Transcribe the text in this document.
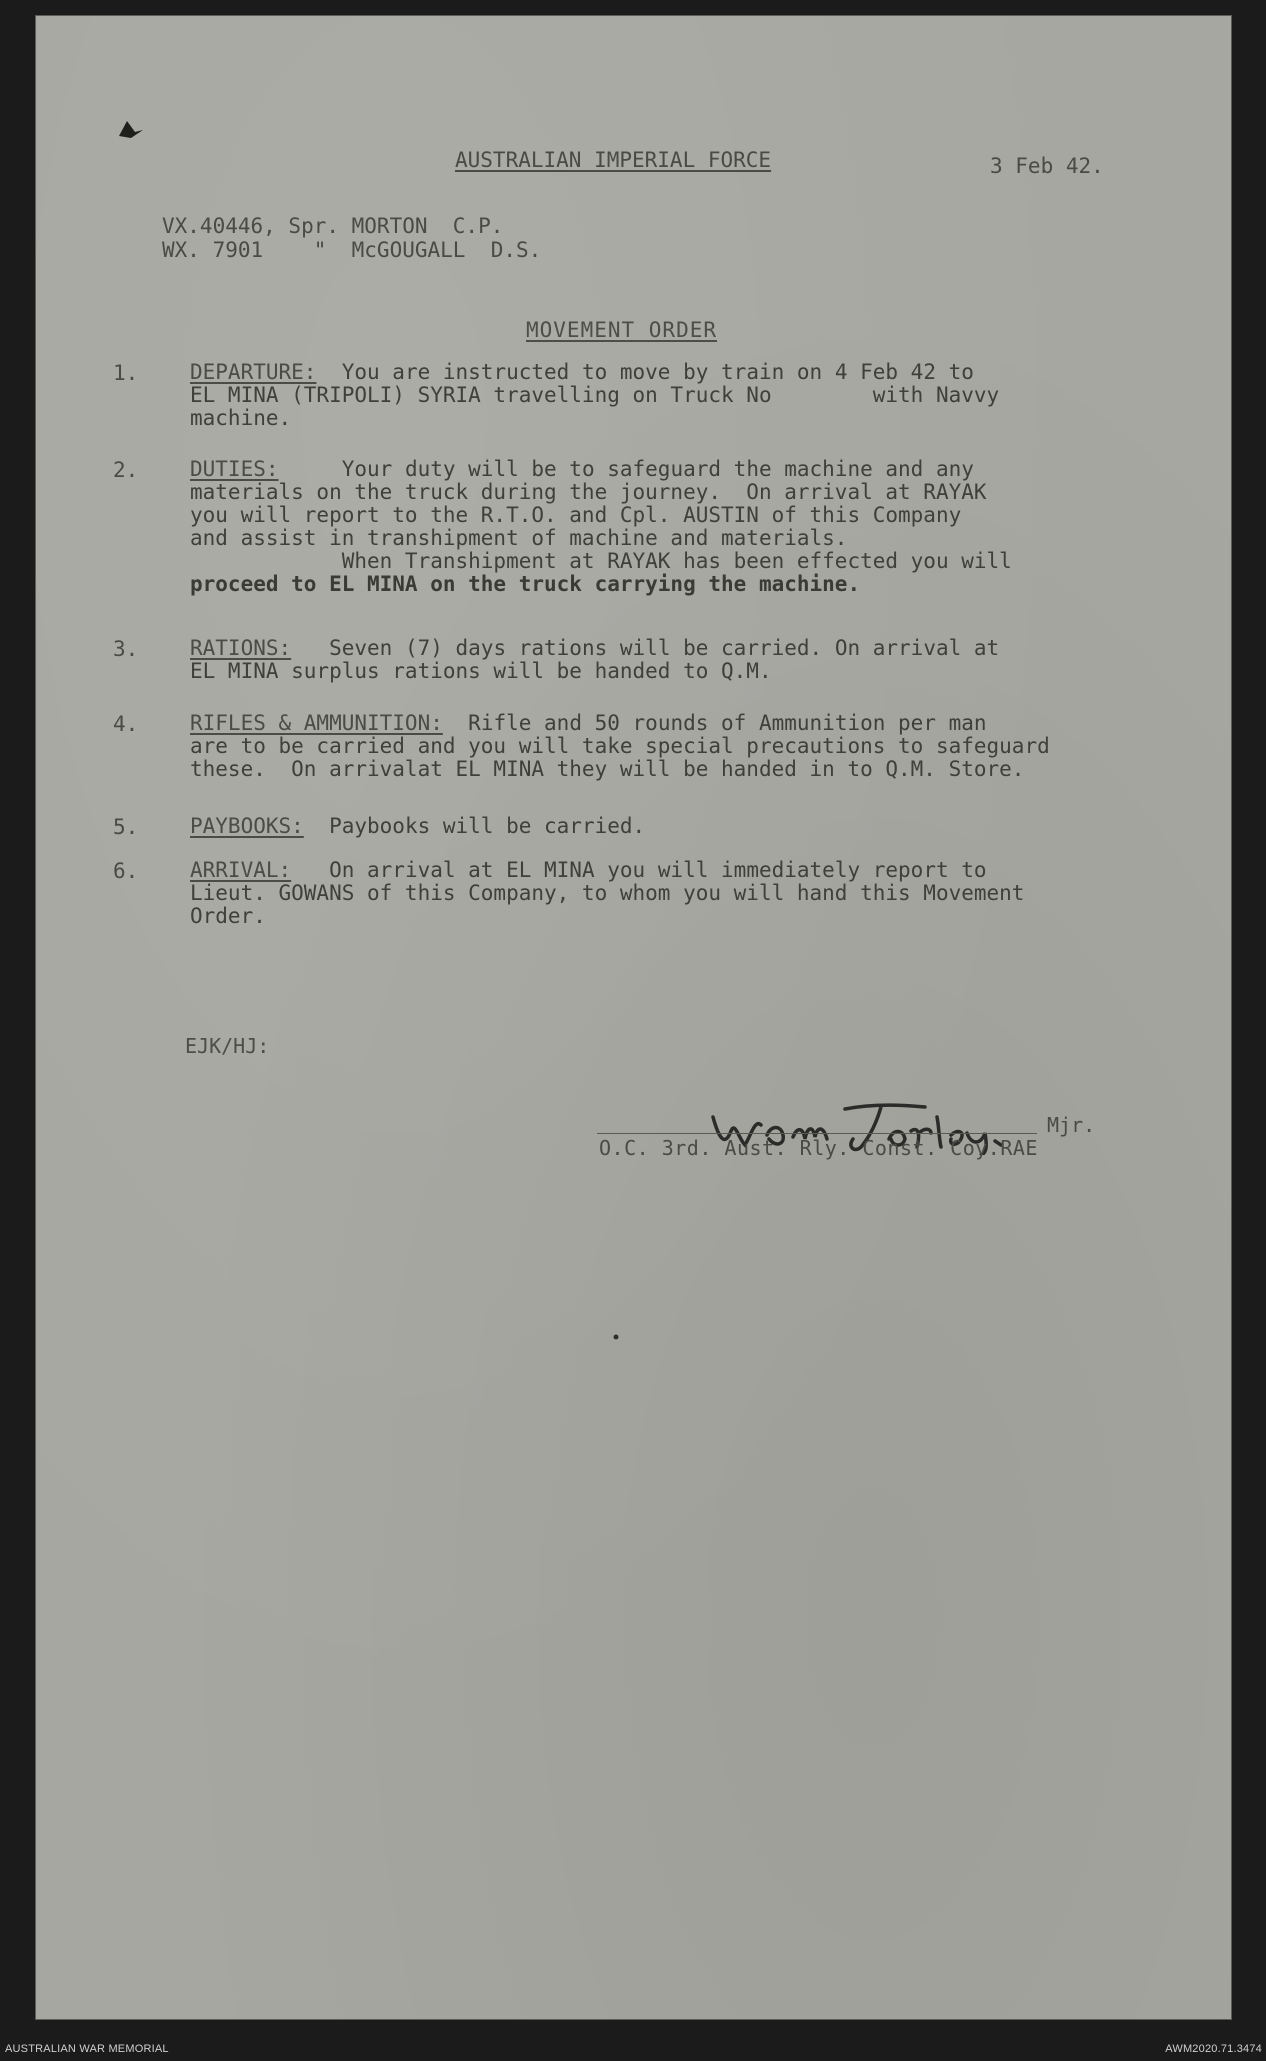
AUSTRALIAN IMPERIAL FORCE	3 Feb 42.
VX.40446, Spr. MORTON  C.P.
WX. 7901    "  McGOUGALL  D.S.
MOVEMENT ORDER
1. DEPARTURE: You are instructed to move by train on 4 Feb 42 to
EL MINA (TRIPOLI) SYRIA travelling on Truck No        with Navvy
machine.
2. DUTIES:	Your duty will be to safeguard the machine and any
materials on the truck during the journey.  On arrival at RAYAK
you will report to the R.T.O. and Cpl. AUSTIN of this Company
and assist in transhipment of machine and materials.
When Transhipment at RAYAK has been effected you will
proceed to EL MINA on the truck carrying the machine.
3. RATIONS: Seven (7) days rations will be carried. On arrival at
EL MINA surplus rations will be handed to Q.M.
4. RIFLES & AMMUNITION: Rifle and 50 rounds of Ammunition per man
are to be carried and you will take special precautions to safeguard
these.  On arrivalat EL MINA they will be handed in to Q.M. Store.
5. PAYBOOKS: Paybooks will be carried.
6. ARRIVAL: On arrival at EL MINA you will immediately report to
Lieut. GOWANS of this Company, to whom you will hand this Movement
Order.
EJK/HJ:
Mjr.
O.C. 3rd. Aust. Rly. Const. Coy.RAE
AUSTRALIAN WAR MEMORIAL	AWM2020.71.3474
